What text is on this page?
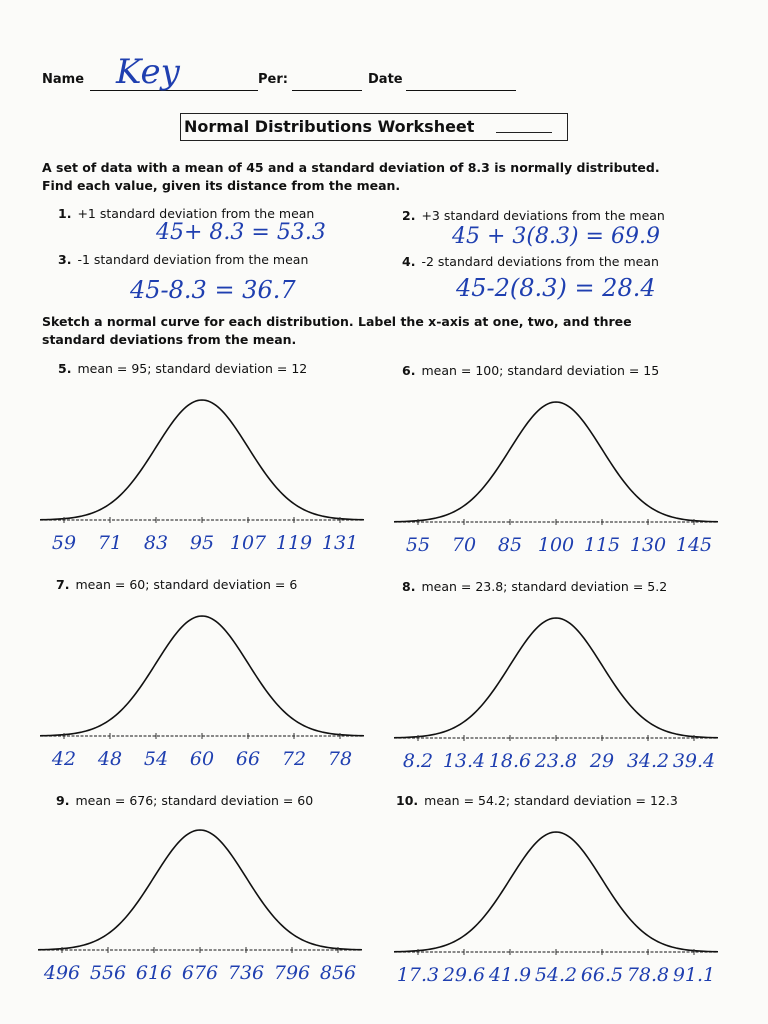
Name Key	Per:	Date
Normal Distributions Worksheet
A set of data with a mean of 45 and a standard deviation of 8.3 is normally distributed.
Find each value, given its distance from the mean.
1. +1 standard deviation from the mean
45+ 8.3 = 53.3
2. +3 standard deviations from the mean
45 + 3(8.3) = 69.9
3. -1 standard deviation from the mean
45-8.3 = 36.7
4. -2 standard deviations from the mean
45-2(8.3) = 28.4
Sketch a normal curve for each distribution. Label the x-axis at one, two, and three
standard deviations from the mean.
5. mean = 95; standard deviation = 12	6. mean = 100; standard deviation = 15
7. mean = 60; standard deviation = 6	8. mean = 23.8; standard deviation = 5.2
9. mean = 676; standard deviation = 60	10. mean = 54.2; standard deviation = 12.3
59 71 83 95 107 119 131	55 70 85 100 115 130 145
42 48 54 60 66 72 78	8.2 13.4 18.6 23.8 29 34.2 39.4
496 556 616 676 736 796 856 17.3 29.6 41.9 54.2 66.5 78.8 91.1
